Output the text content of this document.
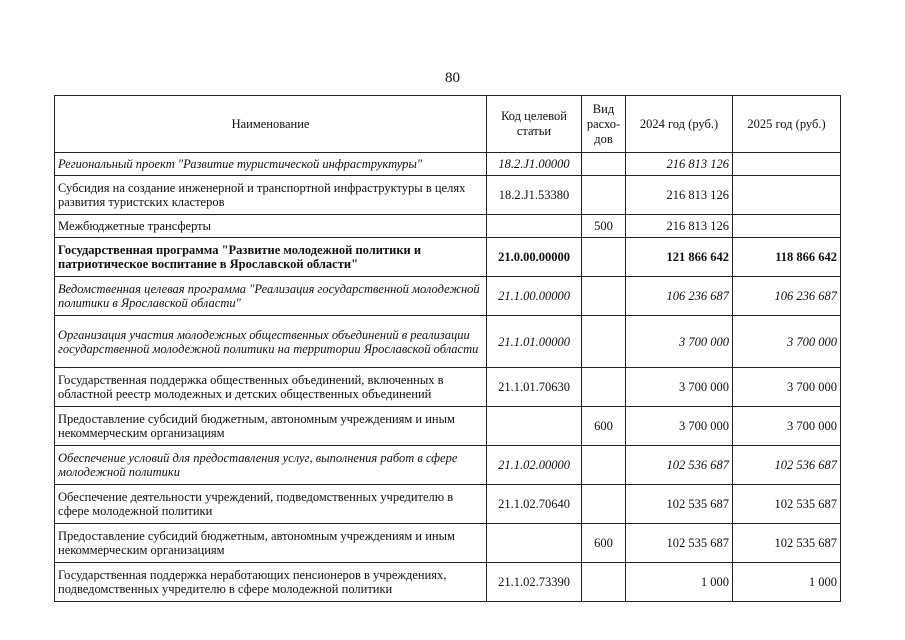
80
Наименование	Код целевой статьи	Вид расхо-дов	2024 год (руб.)	2025 год (руб.)
Региональный проект "Развитие туристической инфраструктуры"	18.2.J1.00000		216 813 126	
Субсидия на создание инженерной и транспортной инфраструктуры в целях развития туристских кластеров	18.2.J1.53380		216 813 126	
Межбюджетные трансферты		500	216 813 126	
Государственная программа "Развитие молодежной политики и патриотическое воспитание в Ярославской области"	21.0.00.00000		121 866 642	118 866 642
Ведомственная целевая программа "Реализация государственной молодежной политики в Ярославской области"	21.1.00.00000		106 236 687	106 236 687
Организация участия молодежных общественных объединений в реализации государственной молодежной политики на территории Ярославской области	21.1.01.00000		3 700 000	3 700 000
Государственная поддержка общественных объединений, включенных в областной реестр молодежных и детских общественных объединений	21.1.01.70630		3 700 000	3 700 000
Предоставление субсидий бюджетным, автономным учреждениям и иным некоммерческим организациям		600	3 700 000	3 700 000
Обеспечение условий для предоставления услуг, выполнения работ в сфере молодежной политики	21.1.02.00000		102 536 687	102 536 687
Обеспечение деятельности учреждений, подведомственных учредителю в сфере молодежной политики	21.1.02.70640		102 535 687	102 535 687
Предоставление субсидий бюджетным, автономным учреждениям и иным некоммерческим организациям		600	102 535 687	102 535 687
Государственная поддержка неработающих пенсионеров в учреждениях, подведомственных учредителю в сфере молодежной политики	21.1.02.73390		1 000	1 000
